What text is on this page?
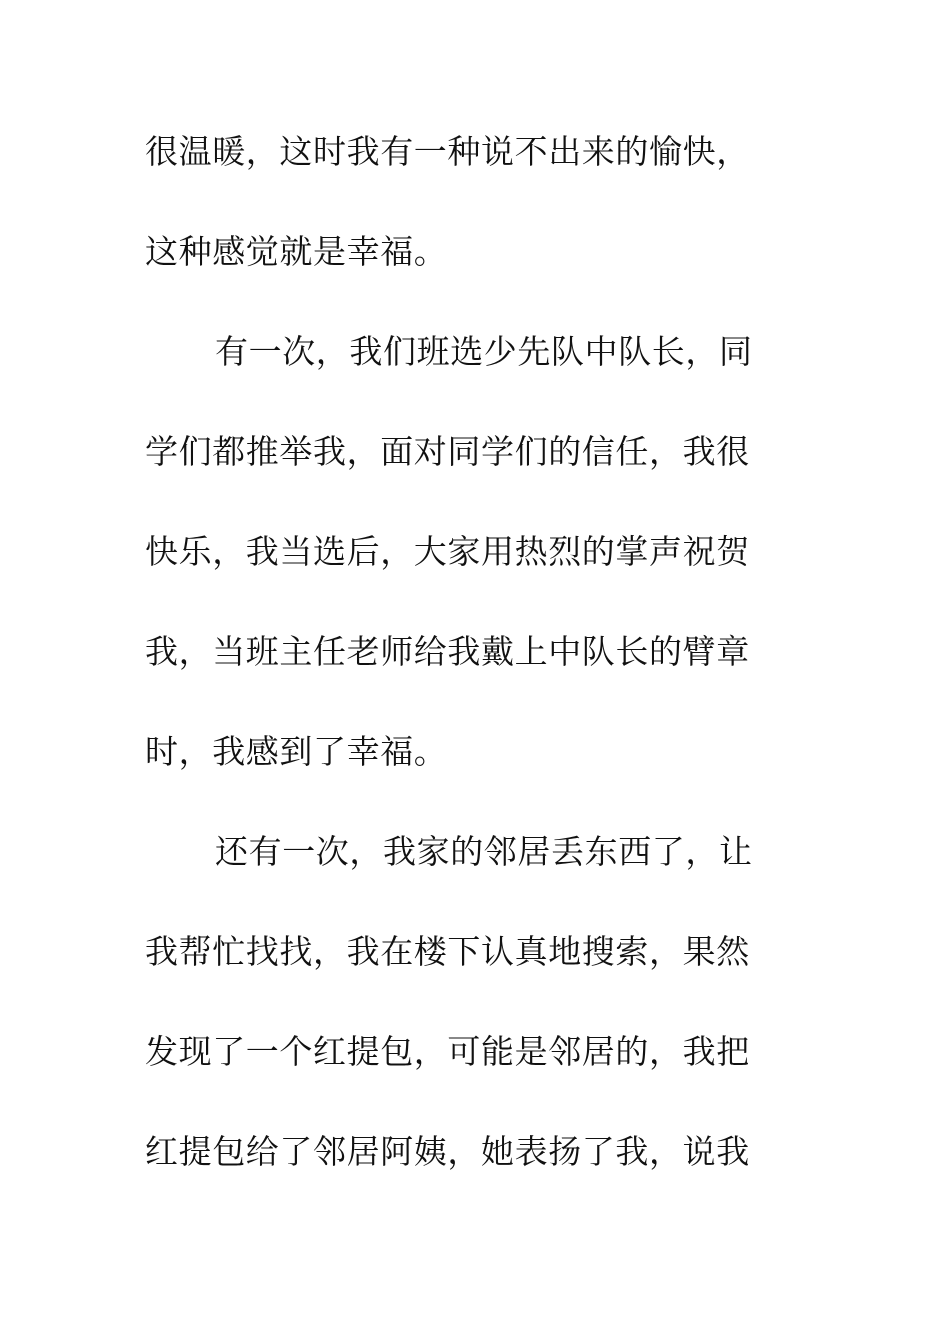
很温暖，这时我有一种说不出来的愉快，
这种感觉就是幸福。
有一次，我们班选少先队中队长，同
学们都推举我，面对同学们的信任，我很
快乐，我当选后，大家用热烈的掌声祝贺
我，当班主任老师给我戴上中队长的臂章
时，我感到了幸福。
还有一次，我家的邻居丢东西了，让
我帮忙找找，我在楼下认真地搜索，果然
发现了一个红提包，可能是邻居的，我把
红提包给了邻居阿姨，她表扬了我，说我
